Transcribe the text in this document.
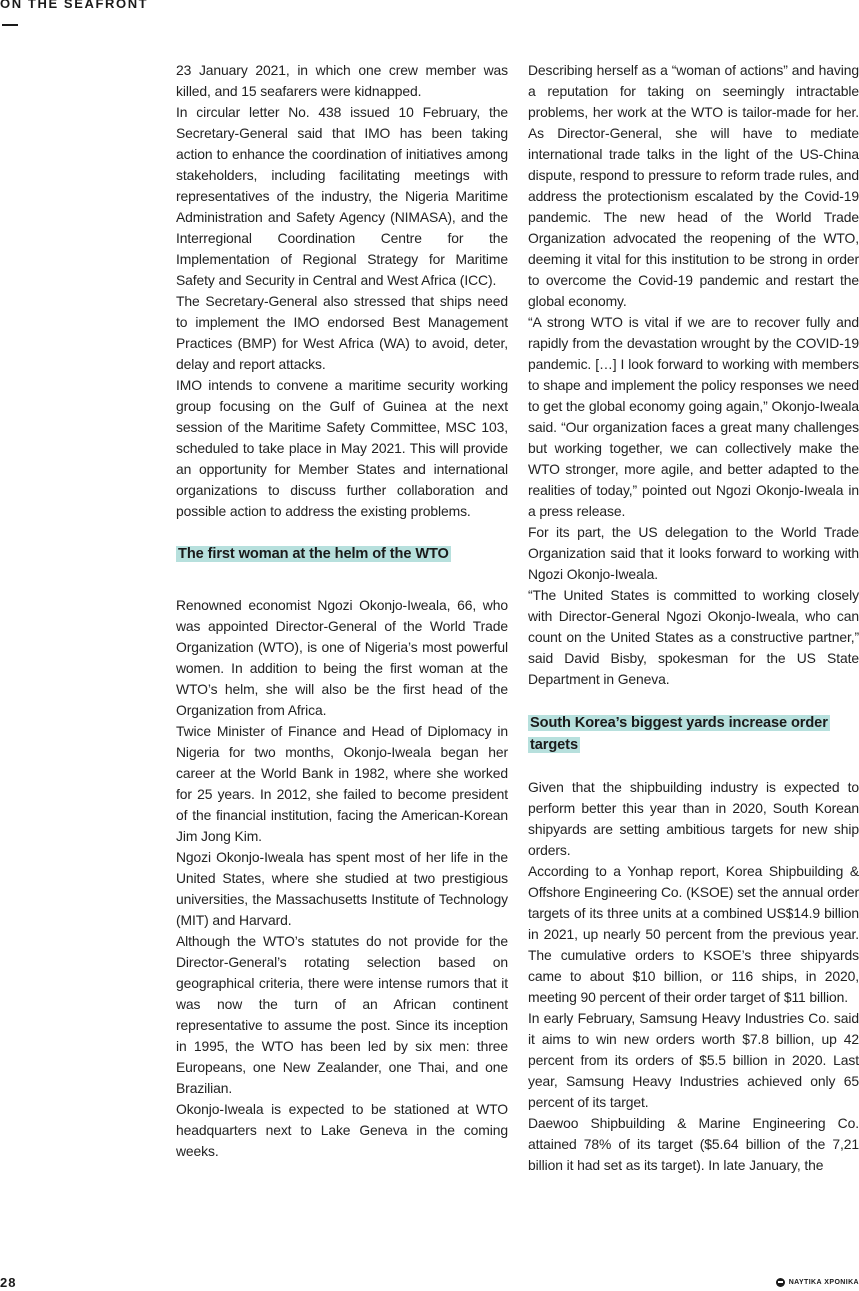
ON THE SEAFRONT

23 January 2021, in which one crew member was killed, and 15 seafarers were kidnapped.

In circular letter No. 438 issued 10 February, the Secretary-General said that IMO has been taking action to enhance the coordination of initiatives among stakeholders, including facilitating meetings with representatives of the industry, the Nigeria Maritime Administration and Safety Agency (NIMASA), and the Interregional Coordination Centre for the Implementation of Regional Strategy for Maritime Safety and Security in Central and West Africa (ICC).

The Secretary-General also stressed that ships need to implement the IMO endorsed Best Management Practices (BMP) for West Africa (WA) to avoid, deter, delay and report attacks.

IMO intends to convene a maritime security working group focusing on the Gulf of Guinea at the next session of the Maritime Safety Committee, MSC 103, scheduled to take place in May 2021. This will provide an opportunity for Member States and international organizations to discuss further collaboration and possible action to address the existing problems.

The first woman at the helm of the WTO

Renowned economist Ngozi Okonjo-Iweala, 66, who was appointed Director-General of the World Trade Organization (WTO), is one of Nigeria’s most powerful women. In addition to being the first woman at the WTO’s helm, she will also be the first head of the Organization from Africa.

Twice Minister of Finance and Head of Diplomacy in Nigeria for two months, Okonjo-Iweala began her career at the World Bank in 1982, where she worked for 25 years. In 2012, she failed to become president of the financial institution, facing the American-Korean Jim Jong Kim.

Ngozi Okonjo-Iweala has spent most of her life in the United States, where she studied at two prestigious universities, the Massachusetts Institute of Technology (MIT) and Harvard.

Although the WTO’s statutes do not provide for the Director-General’s rotating selection based on geographical criteria, there were intense rumors that it was now the turn of an African continent representative to assume the post. Since its inception in 1995, the WTO has been led by six men: three Europeans, one New Zealander, one Thai, and one Brazilian.

Okonjo-Iweala is expected to be stationed at WTO headquarters next to Lake Geneva in the coming weeks.

Describing herself as a “woman of actions” and having a reputation for taking on seemingly intractable problems, her work at the WTO is tailor-made for her. As Director-General, she will have to mediate international trade talks in the light of the US-China dispute, respond to pressure to reform trade rules, and address the protectionism escalated by the Covid-19 pandemic. The new head of the World Trade Organization advocated the reopening of the WTO, deeming it vital for this institution to be strong in order to overcome the Covid-19 pandemic and restart the global economy.

“A strong WTO is vital if we are to recover fully and rapidly from the devastation wrought by the COVID-19 pandemic. […] I look forward to working with members to shape and implement the policy responses we need to get the global economy going again,” Okonjo-Iweala said. “Our organization faces a great many challenges but working together, we can collectively make the WTO stronger, more agile, and better adapted to the realities of today,” pointed out Ngozi Okonjo-Iweala in a press release.

For its part, the US delegation to the World Trade Organization said that it looks forward to working with Ngozi Okonjo-Iweala.

“The United States is committed to working closely with Director-General Ngozi Okonjo-Iweala, who can count on the United States as a constructive partner,” said David Bisby, spokesman for the US State Department in Geneva.

South Korea’s biggest yards increase order targets

Given that the shipbuilding industry is expected to perform better this year than in 2020, South Korean shipyards are setting ambitious targets for new ship orders.

According to a Yonhap report, Korea Shipbuilding & Offshore Engineering Co. (KSOE) set the annual order targets of its three units at a combined US$14.9 billion in 2021, up nearly 50 percent from the previous year. The cumulative orders to KSOE’s three shipyards came to about $10 billion, or 116 ships, in 2020, meeting 90 percent of their order target of $11 billion.

In early February, Samsung Heavy Industries Co. said it aims to win new orders worth $7.8 billion, up 42 percent from its orders of $5.5 billion in 2020. Last year, Samsung Heavy Industries achieved only 65 percent of its target.

Daewoo Shipbuilding & Marine Engineering Co. attained 78% of its target ($5.64 billion of the 7,21 billion it had set as its target). In late January, the

28	ΝΑΥΤΙΚΑ ΧΡΟΝΙΚΑ
